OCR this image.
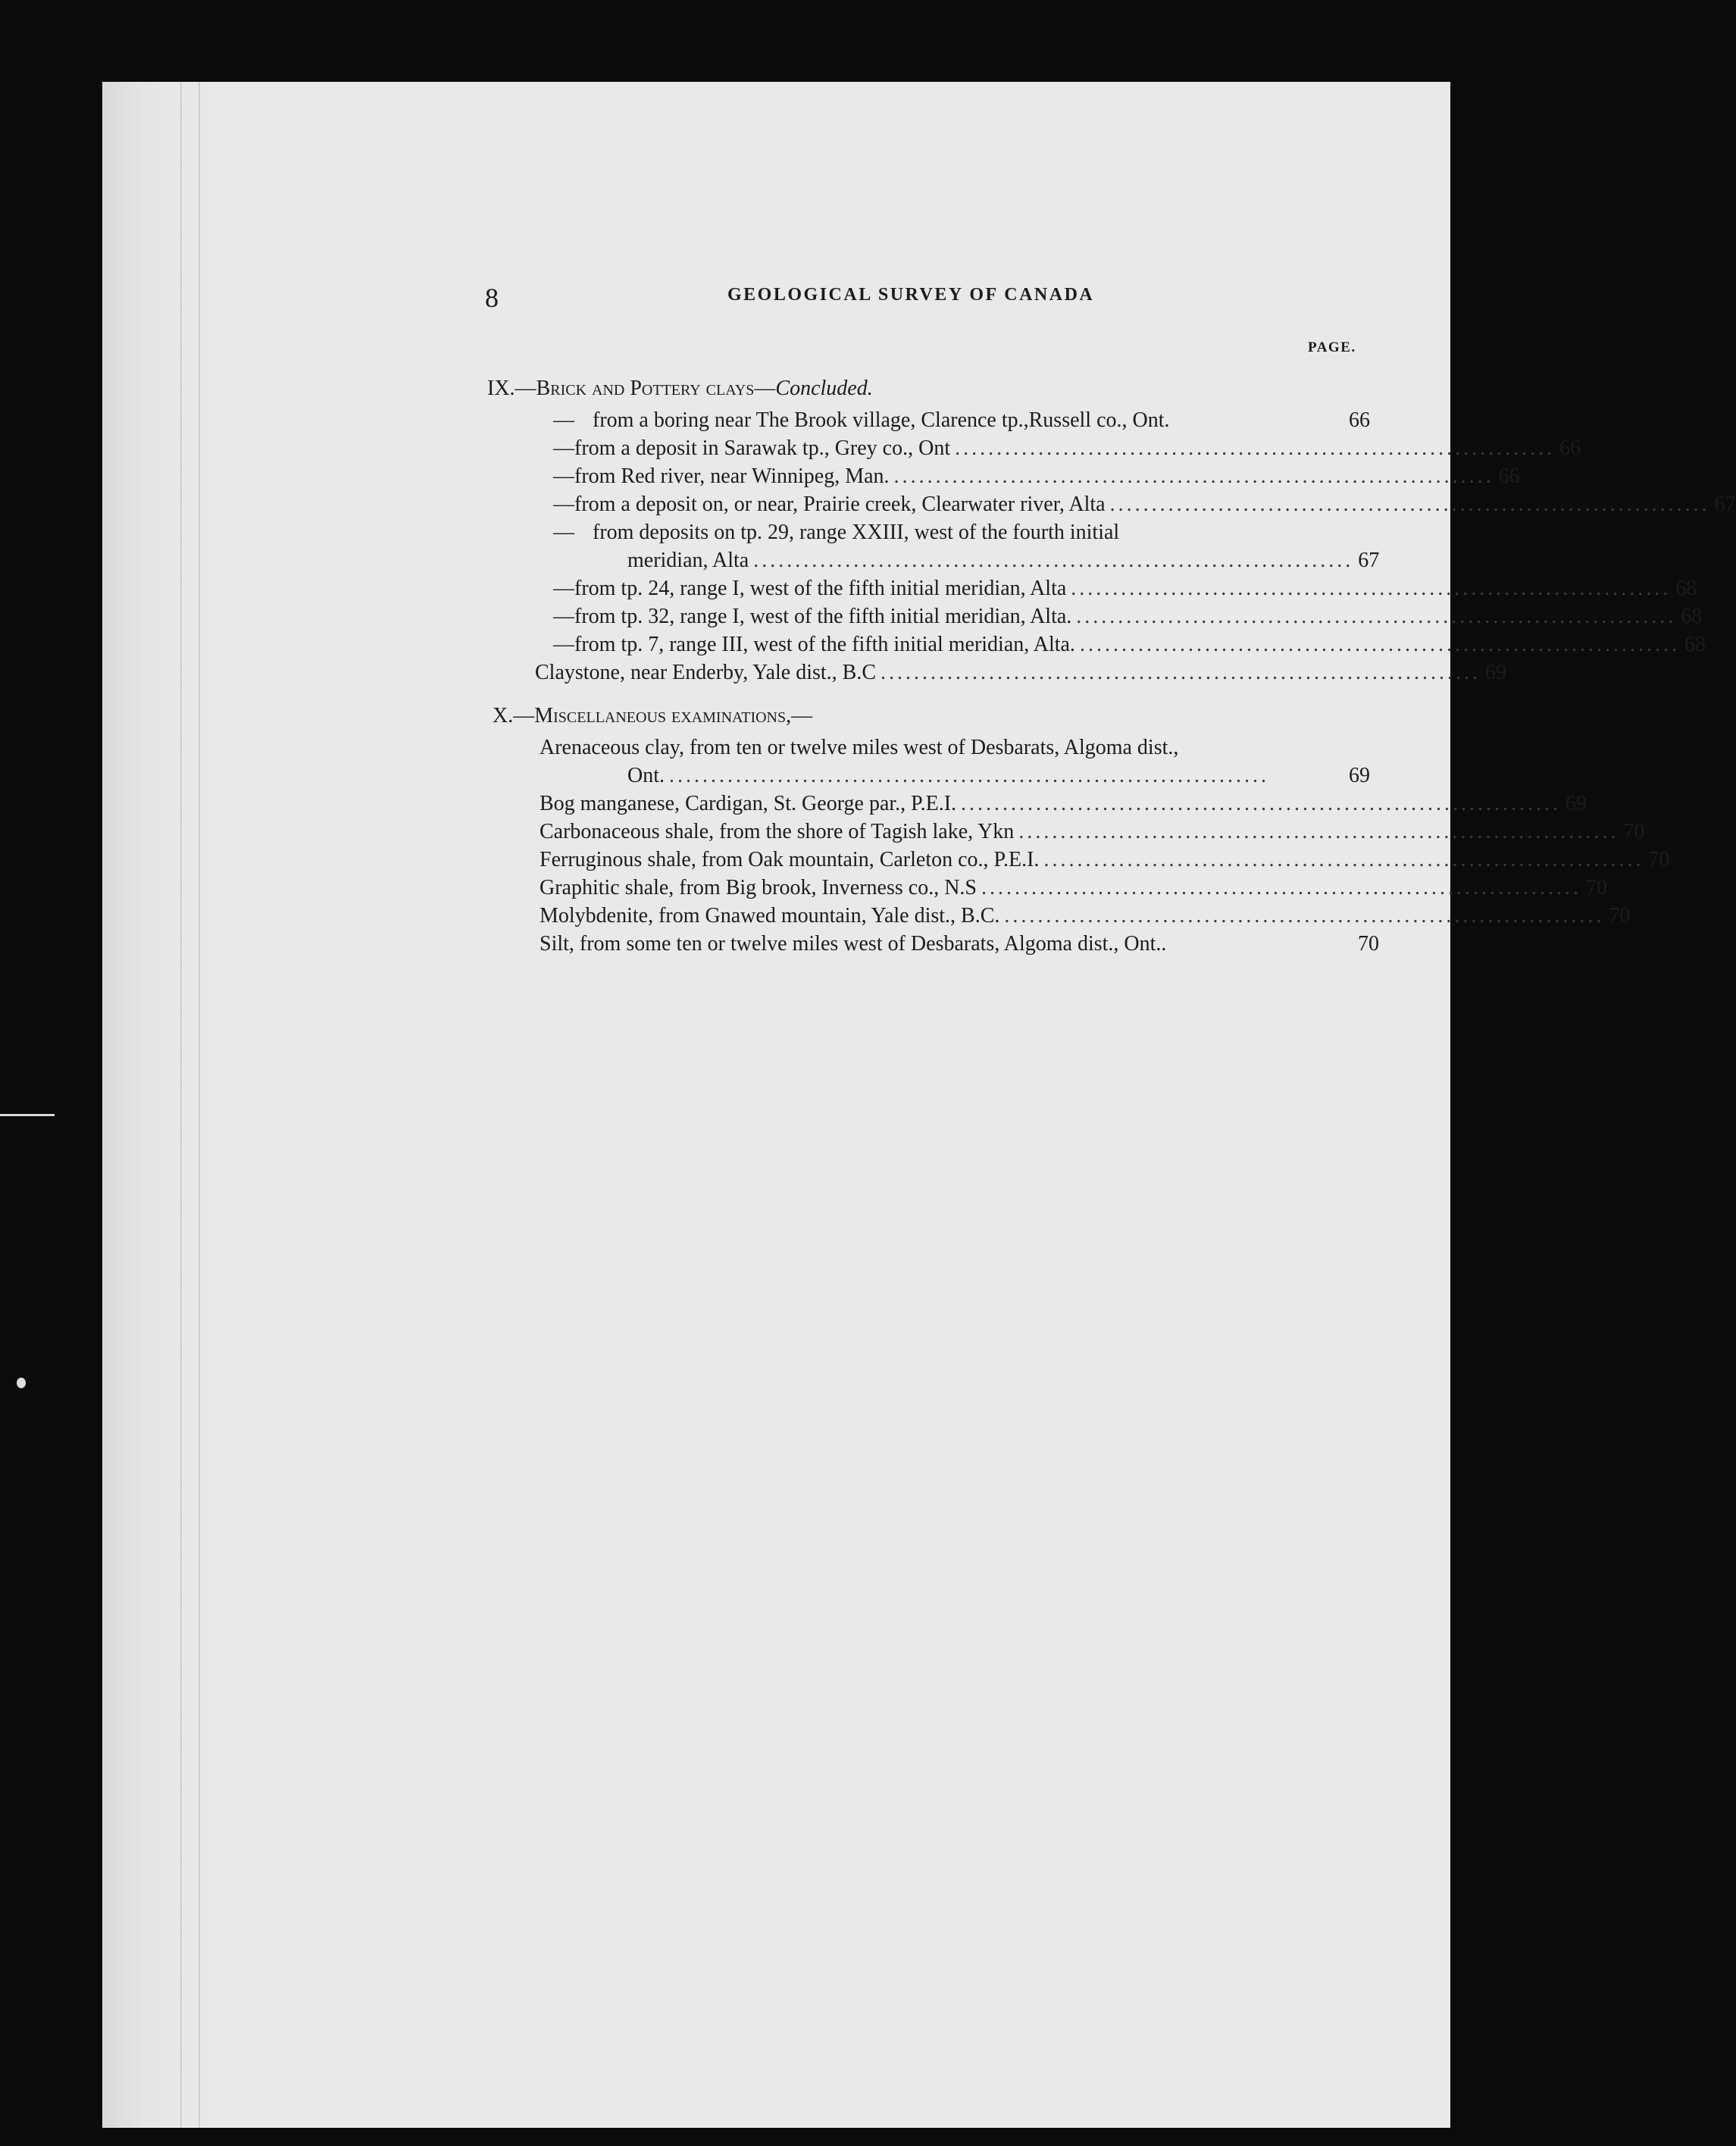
8	GEOLOGICAL SURVEY OF CANADA
PAGE.
IX.—Brick and Pottery clays—Concluded.
— from a boring near The Brook village, Clarence tp.,Russell co., Ont.	66
— from a deposit in Sarawak tp., Grey co., Ont ........................................................................ 66
— from Red river, near Winnipeg, Man. ........................................................................ 66
— from a deposit on, or near, Prairie creek, Clearwater river, Alta ........................................................................ 67
— from deposits on tp. 29, range XXIII, west of the fourth initial
meridian, Alta ........................................................................ 67
— from tp. 24, range I, west of the fifth initial meridian, Alta ........................................................................ 68
— from tp. 32, range I, west of the fifth initial meridian, Alta. ........................................................................ 68
— from tp. 7, range III, west of the fifth initial meridian, Alta. ........................................................................ 68
Claystone, near Enderby, Yale dist., B.C ........................................................................ 69
X.—Miscellaneous examinations,—
Arenaceous clay, from ten or twelve miles west of Desbarats, Algoma dist.,
Ont. ........................................................................	69
Bog manganese, Cardigan, St. George par., P.E.I. ........................................................................ 69
Carbonaceous shale, from the shore of Tagish lake, Ykn ........................................................................ 70
Ferruginous shale, from Oak mountain, Carleton co., P.E.I. ........................................................................ 70
Graphitic shale, from Big brook, Inverness co., N.S ........................................................................ 70
Molybdenite, from Gnawed mountain, Yale dist., B.C. ........................................................................ 70
Silt, from some ten or twelve miles west of Desbarats, Algoma dist., Ont..	70
